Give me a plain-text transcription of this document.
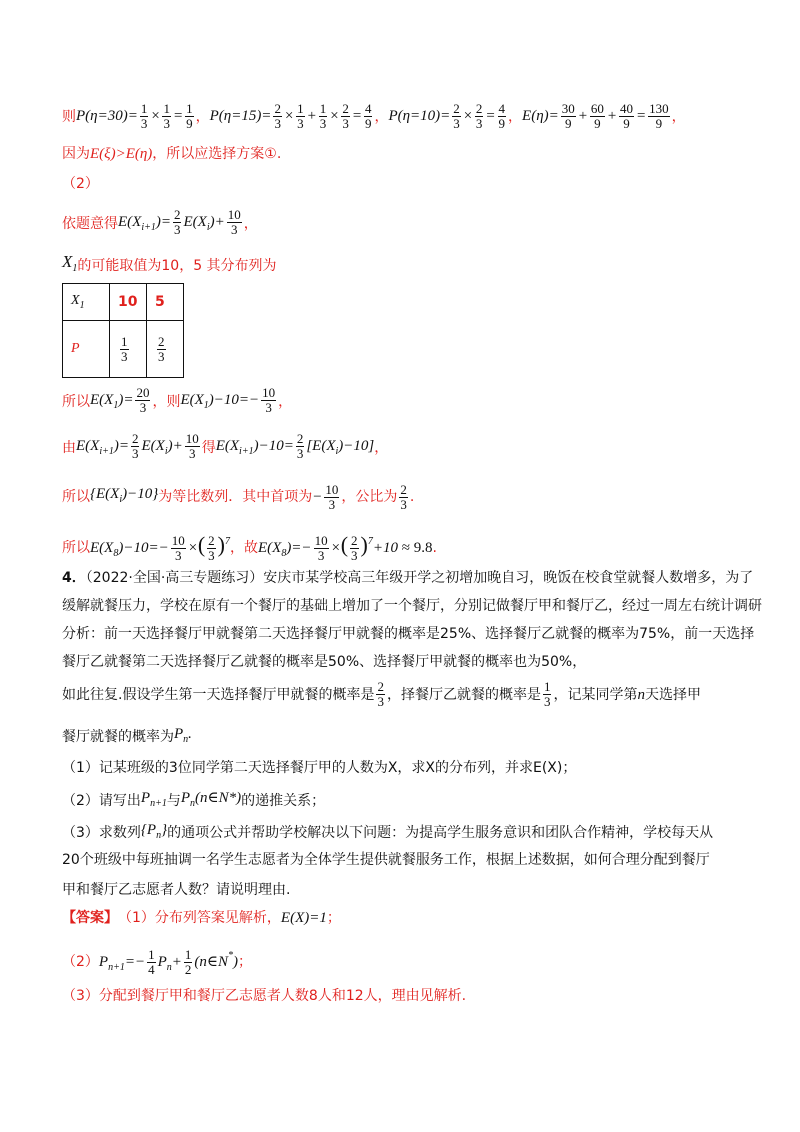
则 $P(\eta=30)= \frac{1}{3} \times \frac{1}{3} = \frac{1}{9}$ ， $P(\eta=15)= \frac{2}{3} \times \frac{1}{3} + \frac{1}{3} \times \frac{2}{3} = \frac{4}{9}$ ， $P(\eta=10)= \frac{2}{3} \times \frac{2}{3} = \frac{4}{9}$ ， $E(\eta)= \frac{30}{9} + \frac{60}{9} + \frac{40}{9} = \frac{130}{9}$ ，
因为 E(ξ)>E(η) ，所以应选择方案①.
（2）
依题意得 $E(X_{i+1})= \frac{2}{3} E(X_i)+ \frac{10}{3}$ ，
$X_1$ 的可能取值为10，5 其分布列为
$X_1$	10	5
P	$\frac{1}{3}$	$\frac{2}{3}$
所以 $E(X_1)= \frac{20}{3}$ ，则 $E(X_1)-10=- \frac{10}{3}$ ，
由 $E(X_{i+1})= \frac{2}{3} E(X_i)+ \frac{10}{3}$ 得 $E(X_{i+1})-10= \frac{2}{3} [E(X_i)-10]$ ，
所以 $\{E(X_i)-10\}$ 为等比数列．其中首项为 − $\frac{10}{3}$ ，公比为 $\frac{2}{3}$ .
所以 $E(X_8)-10=- \frac{10}{3}$ ×( $\frac{2}{3} )^7$ ，故 $E(X_8)=- \frac{10}{3}$ ×( $\frac{2}{3} )^7+10 \approx 9.8$ .
4．（2022·全国·高三专题练习）安庆市某学校高三年级开学之初增加晚自习，晚饭在校食堂就餐人数增多，为了缓解就餐压力，学校在原有一个餐厅的基础上增加了一个餐厅，分别记做餐厅甲和餐厅乙，经过一周左右统计调研分析：前一天选择餐厅甲就餐第二天选择餐厅甲就餐的概率是25%、选择餐厅乙就餐的概率为75%，前一天选择餐厅乙就餐第二天选择餐厅乙就餐的概率是50%、选择餐厅甲就餐的概率也为50%，
如此往复.假设学生第一天选择餐厅甲就餐的概率是 $\frac{2}{3}$ ，择餐厅乙就餐的概率是 $\frac{1}{3}$ ，记某同学第 n 天选择甲
餐厅就餐的概率为 $P_n$.
（1）记某班级的3位同学第二天选择餐厅甲的人数为X，求X的分布列，并求E(X)；
（2）请写出 $P_{n+1}$ 与 $P_n(n\in N*)$ 的递推关系；
（3）求数列 $\{P_n\}$ 的通项公式并帮助学校解决以下问题：为提高学生服务意识和团队合作精神，学校每天从
20个班级中每班抽调一名学生志愿者为全体学生提供就餐服务工作，根据上述数据，如何合理分配到餐厅
甲和餐厅乙志愿者人数？请说明理由.
【答案】 （1）分布列答案见解析， E(X)=1 ；
（2） $P_{n+1}=- \frac{1}{4} P_n+ \frac{1}{2}$ (n∈N*) ；
（3）分配到餐厅甲和餐厅乙志愿者人数8人和12人，理由见解析.
